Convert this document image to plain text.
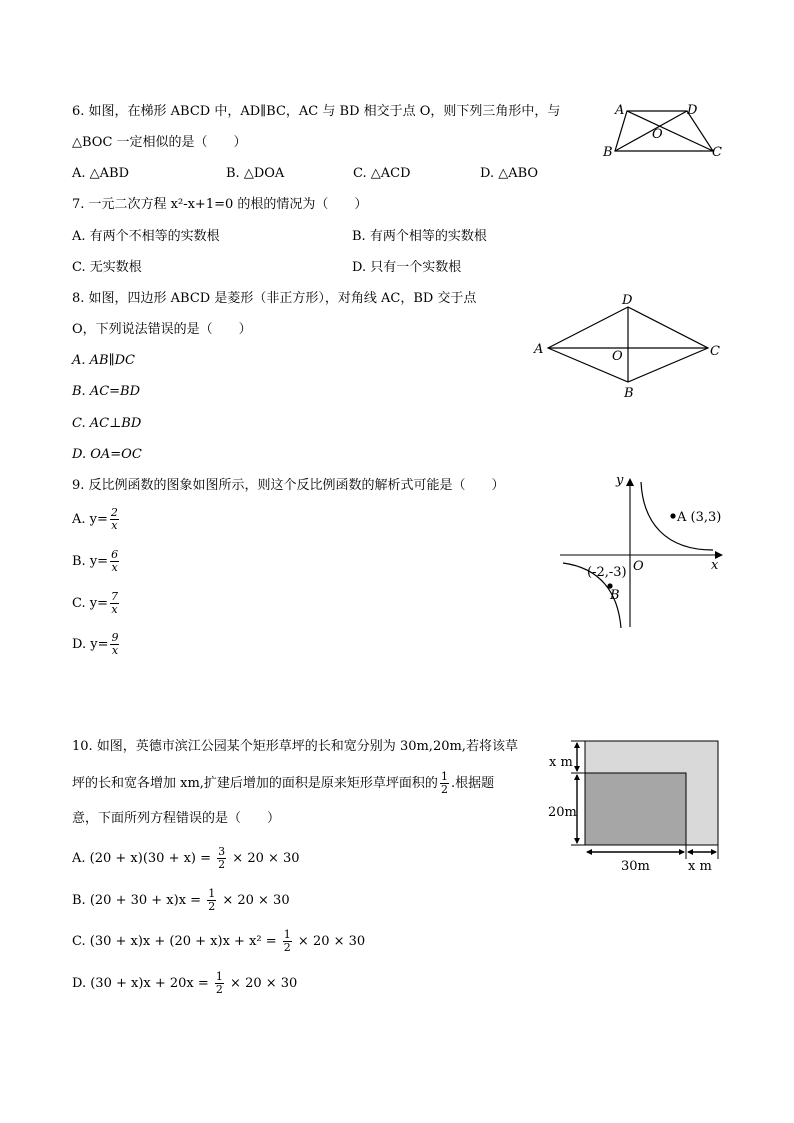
6. 如图，在梯形 ABCD 中，AD∥BC，AC 与 BD 相交于点 O，则下列三角形中，与
△BOC 一定相似的是（　　）
A. △ABD	B. △DOA	C. △ACD	D. △ABO
A	D
B	C
O
7. 一元二次方程 x²-x+1=0 的根的情况为（　　）
A. 有两个不相等的实数根	B. 有两个相等的实数根
C. 无实数根	D. 只有一个实数根
8. 如图，四边形 ABCD 是菱形（非正方形），对角线 AC，BD 交于点
O，下列说法错误的是（　　）
A. AB∥DC
B. AC=BD
C. AC⊥BD
D. OA=OC
D
A	C
B
O
9. 反比例函数的图象如图所示，则这个反比例函数的解析式可能是（　　）
A. $y= \frac{2}{x}$
B. $y= \frac{6}{x}$
C. $y= \frac{7}{x}$
D. $y= \frac{9}{x}$
y
x
O
A (3,3)
(-2,-3)
B
10. 如图，英德市滨江公园某个矩形草坪的长和宽分别为 30m,20m,若将该草
坪的长和宽各增加 xm,扩建后增加的面积是原来矩形草坪面积的 $\frac{1}{2}$ .根据题
意，下面所列方程错误的是（　　）
A. $(20 + x)(30 + x) = \frac{3}{2} \times 20 \times 30$
B. $(20 + 30 + x)x = \frac{1}{2} \times 20 \times 30$
C. $(30 + x)x + (20 + x)x + x^2 = \frac{1}{2} \times 20 \times 30$
D. $(30 + x)x + 20x = \frac{1}{2} \times 20 \times 30$
x m
20m
30m	x m
